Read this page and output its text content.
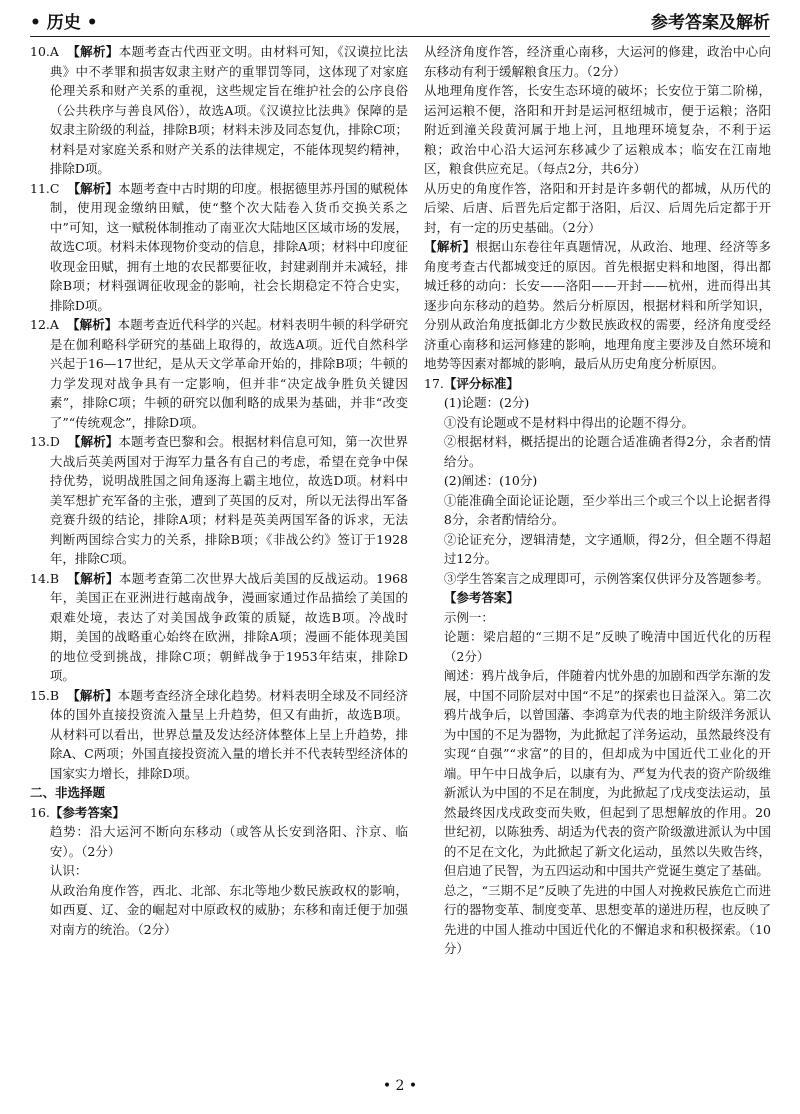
• 历史 •	参考答案及解析
10. A 【解析】本题考查古代西亚文明。由材料可知，《汉谟拉比法典》中不孝罪和损害奴隶主财产的重罪罚等同，这体现了对家庭伦理关系和财产关系的重视，这些规定旨在维护社会的公序良俗（公共秩序与善良风俗），故选A项。《汉谟拉比法典》保障的是奴隶主阶级的利益，排除B项；材料未涉及同态复仇，排除C项；材料是对家庭关系和财产关系的法律规定，不能体现契约精神，排除D项。
11. C 【解析】本题考查中古时期的印度。根据德里苏丹国的赋税体制，使用现金缴纳田赋，使“整个次大陆卷入货币交换关系之中”可知，这一赋税体制推动了南亚次大陆地区区域市场的发展，故选C项。材料未体现物价变动的信息，排除A项；材料中印度征收现金田赋，拥有土地的农民都要征收，封建剥削并未减轻，排除B项；材料强调征收现金的影响，社会长期稳定不符合史实，排除D项。
12. A 【解析】本题考查近代科学的兴起。材料表明牛顿的科学研究是在伽利略科学研究的基础上取得的，故选A项。近代自然科学兴起于16—17世纪，是从天文学革命开始的，排除B项；牛顿的力学发现对战争具有一定影响，但并非“决定战争胜负关键因素”，排除C项；牛顿的研究以伽利略的成果为基础，并非“改变了”“传统观念”，排除D项。
13. D 【解析】本题考查巴黎和会。根据材料信息可知，第一次世界大战后英美两国对于海军力量各有自己的考虑，希望在竞争中保持优势，说明战胜国之间角逐海上霸主地位，故选D项。材料中美军想扩充军备的主张，遭到了英国的反对，所以无法得出军备竞赛升级的结论，排除A项；材料是英美两国军备的诉求，无法判断两国综合实力的关系，排除B项；《非战公约》签订于1928年，排除C项。
14. B 【解析】本题考查第二次世界大战后美国的反战运动。1968年，美国正在亚洲进行越南战争，漫画家通过作品描绘了美国的艰难处境，表达了对美国战争政策的质疑，故选B项。冷战时期，美国的战略重心始终在欧洲，排除A项；漫画不能体现美国的地位受到挑战，排除C项；朝鲜战争于1953年结束，排除D项。
15. B 【解析】本题考查经济全球化趋势。材料表明全球及不同经济体的国外直接投资流入量呈上升趋势，但又有曲折，故选B项。从材料可以看出，世界总量及发达经济体整体上呈上升趋势，排除A、C两项；外国直接投资流入量的增长并不代表转型经济体的国家实力增长，排除D项。

二、非选择题

16. 【参考答案】

趋势：沿大运河不断向东移动（或答从长安到洛阳、汴京、临安）。（2分）

认识：

从政治角度作答，西北、北部、东北等地少数民族政权的影响，如西夏、辽、金的崛起对中原政权的威胁；东移和南迁便于加强对南方的统治。（2分）

从经济角度作答，经济重心南移，大运河的修建，政治中心向东移动有利于缓解粮食压力。（2分）

从地理角度作答，长安生态环境的破坏；长安位于第二阶梯，运河运粮不便，洛阳和开封是运河枢纽城市，便于运粮；洛阳附近到潼关段黄河属于地上河，且地理环境复杂，不利于运粮；政治中心沿大运河东移减少了运粮成本；临安在江南地区，粮食供应充足。（每点2分，共6分）

从历史的角度作答，洛阳和开封是许多朝代的都城，从历代的后梁、后唐、后晋先后定都于洛阳，后汉、后周先后定都于开封，有一定的历史基础。（2分）

【解析】根据山东卷往年真题情况，从政治、地理、经济等多角度考查古代都城变迁的原因。首先根据史料和地图，得出都城迁移的动向：长安——洛阳——开封——杭州，进而得出其逐步向东移动的趋势。然后分析原因，根据材料和所学知识，分别从政治角度抵御北方少数民族政权的需要，经济角度受经济重心南移和运河修建的影响，地理角度主要涉及自然环境和地势等因素对都城的影响，最后从历史角度分析原因。

17. 【评分标准】

(1)论题：(2分)

①没有论题或不是材料中得出的论题不得分。

②根据材料，概括提出的论题合适准确者得2分，余者酌情给分。

(2)阐述：(10分)

①能准确全面论证论题，至少举出三个或三个以上论据者得8分，余者酌情给分。

②论证充分，逻辑清楚，文字通顺，得2分，但全题不得超过12分。

③学生答案言之成理即可，示例答案仅供评分及答题参考。

【参考答案】

示例一：

论题：梁启超的“三期不足”反映了晚清中国近代化的历程（2分）

阐述：鸦片战争后，伴随着内忧外患的加剧和西学东渐的发展，中国不同阶层对中国“不足”的探索也日益深入。第二次鸦片战争后，以曾国藩、李鸿章为代表的地主阶级洋务派认为中国的不足为器物，为此掀起了洋务运动，虽然最终没有实现“自强”“求富”的目的，但却成为中国近代工业化的开端。甲午中日战争后，以康有为、严复为代表的资产阶级维新派认为中国的不足在制度，为此掀起了戊戌变法运动，虽然最终因戊戌政变而失败，但起到了思想解放的作用。20世纪初，以陈独秀、胡适为代表的资产阶级激进派认为中国的不足在文化，为此掀起了新文化运动，虽然以失败告终，但启迪了民智，为五四运动和中国共产党诞生奠定了基础。

总之，“三期不足”反映了先进的中国人对挽救民族危亡而进行的器物变革、制度变革、思想变革的递进历程，也反映了先进的中国人推动中国近代化的不懈追求和积极探索。（10分）

• 2 •
